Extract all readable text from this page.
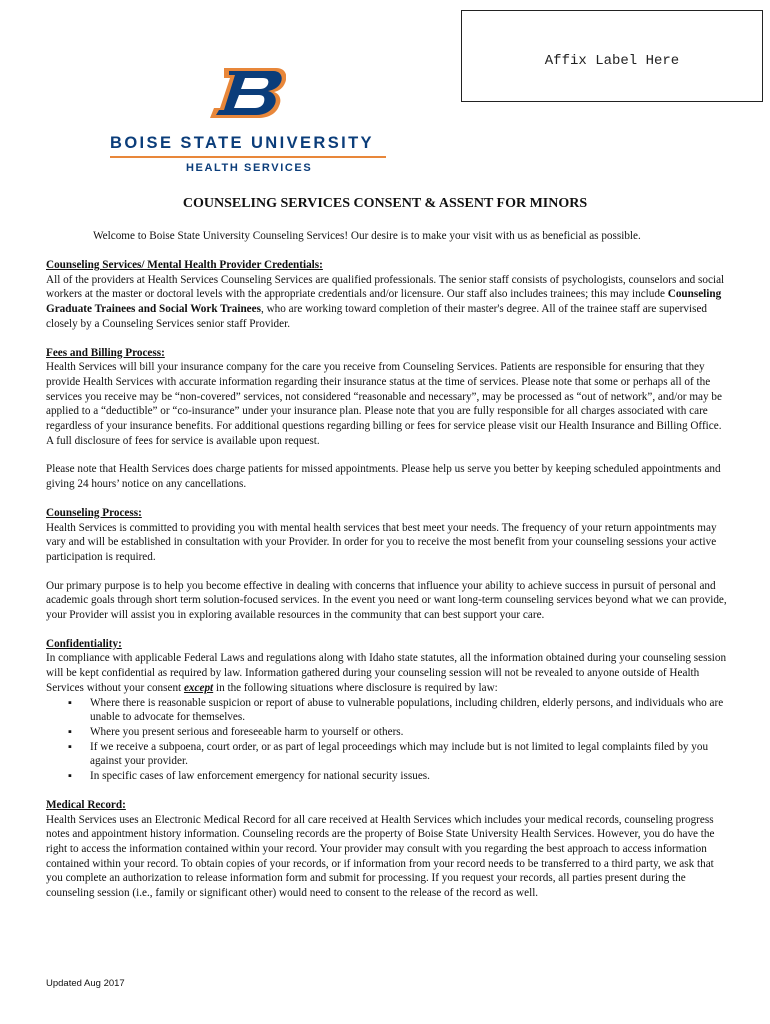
Affix Label Here
BOISE STATE UNIVERSITY
HEALTH SERVICES
COUNSELING SERVICES CONSENT & ASSENT FOR MINORS
Welcome to Boise State University Counseling Services! Our desire is to make your visit with us as beneficial as possible.
Counseling Services/ Mental Health Provider Credentials:
All of the providers at Health Services Counseling Services are qualified professionals. The senior staff consists of psychologists, counselors and social workers at the master or doctoral levels with the appropriate credentials and/or licensure. Our staff also includes trainees; this may include Counseling Graduate Trainees and Social Work Trainees, who are working toward completion of their master's degree. All of the trainee staff are supervised closely by a Counseling Services senior staff Provider.
Fees and Billing Process:
Health Services will bill your insurance company for the care you receive from Counseling Services. Patients are responsible for ensuring that they provide Health Services with accurate information regarding their insurance status at the time of services. Please note that some or perhaps all of the services you receive may be “non-covered” services, not considered “reasonable and necessary”, may be processed as “out of network”, and/or may be applied to a “deductible” or “co-insurance” under your insurance plan. Please note that you are fully responsible for all charges associated with care regardless of your insurance benefits. For additional questions regarding billing or fees for service please visit our Health Insurance and Billing Office. A full disclosure of fees for service is available upon request.
Please note that Health Services does charge patients for missed appointments. Please help us serve you better by keeping scheduled appointments and giving 24 hours’ notice on any cancellations.
Counseling Process:
Health Services is committed to providing you with mental health services that best meet your needs. The frequency of your return appointments may vary and will be established in consultation with your Provider. In order for you to receive the most benefit from your counseling sessions your active participation is required.
Our primary purpose is to help you become effective in dealing with concerns that influence your ability to achieve success in pursuit of personal and academic goals through short term solution-focused services. In the event you need or want long-term counseling services beyond what we can provide, your Provider will assist you in exploring available resources in the community that can best support your care.
Confidentiality:
In compliance with applicable Federal Laws and regulations along with Idaho state statutes, all the information obtained during your counseling session will be kept confidential as required by law. Information gathered during your counseling session will not be revealed to anyone outside of Health Services without your consent except in the following situations where disclosure is required by law:
▪ Where there is reasonable suspicion or report of abuse to vulnerable populations, including children, elderly persons, and individuals who are unable to advocate for themselves.
▪ Where you present serious and foreseeable harm to yourself or others.
▪ If we receive a subpoena, court order, or as part of legal proceedings which may include but is not limited to legal complaints filed by you against your provider.
▪ In specific cases of law enforcement emergency for national security issues.
Medical Record:
Health Services uses an Electronic Medical Record for all care received at Health Services which includes your medical records, counseling progress notes and appointment history information. Counseling records are the property of Boise State University Health Services. However, you do have the right to access the information contained within your record. Your provider may consult with you regarding the best approach to access information contained within your record. To obtain copies of your records, or if information from your record needs to be transferred to a third party, we ask that you complete an authorization to release information form and submit for processing. If you request your records, all parties present during the counseling session (i.e., family or significant other) would need to consent to the release of the record as well.
Updated Aug 2017
